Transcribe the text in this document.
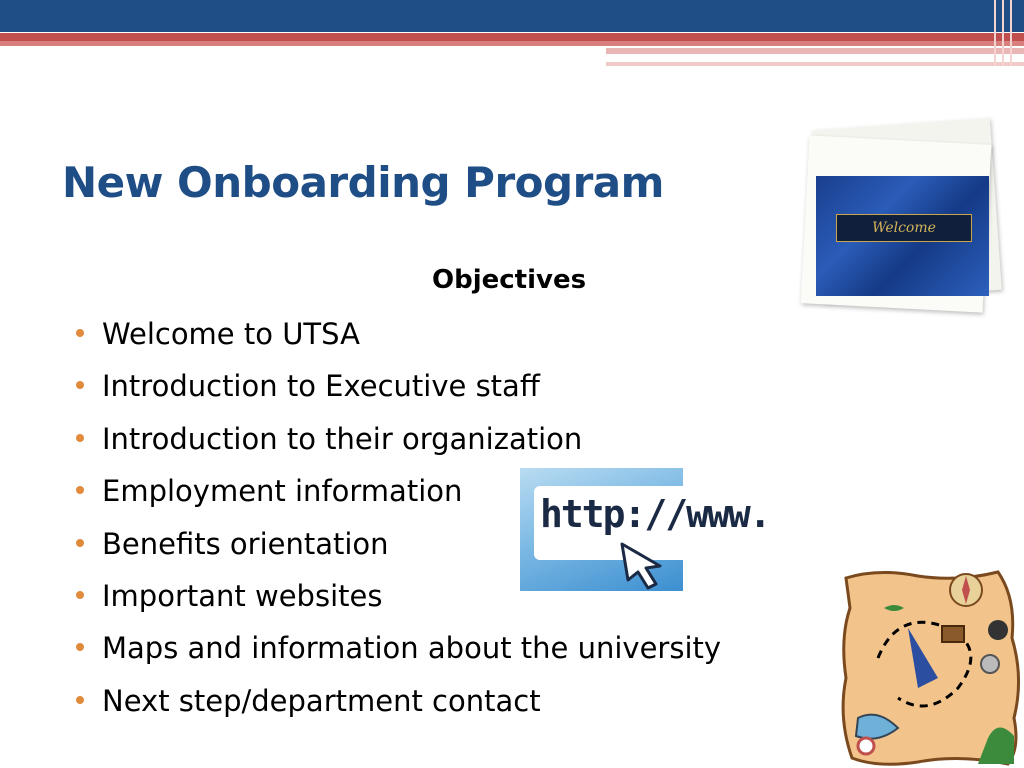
New Onboarding Program
Objectives
Welcome to UTSA
Introduction to Executive staff
Introduction to their organization
Employment information
Benefits orientation
Important websites
Maps and information about the university
Next step/department contact
Welcome
http://www.
